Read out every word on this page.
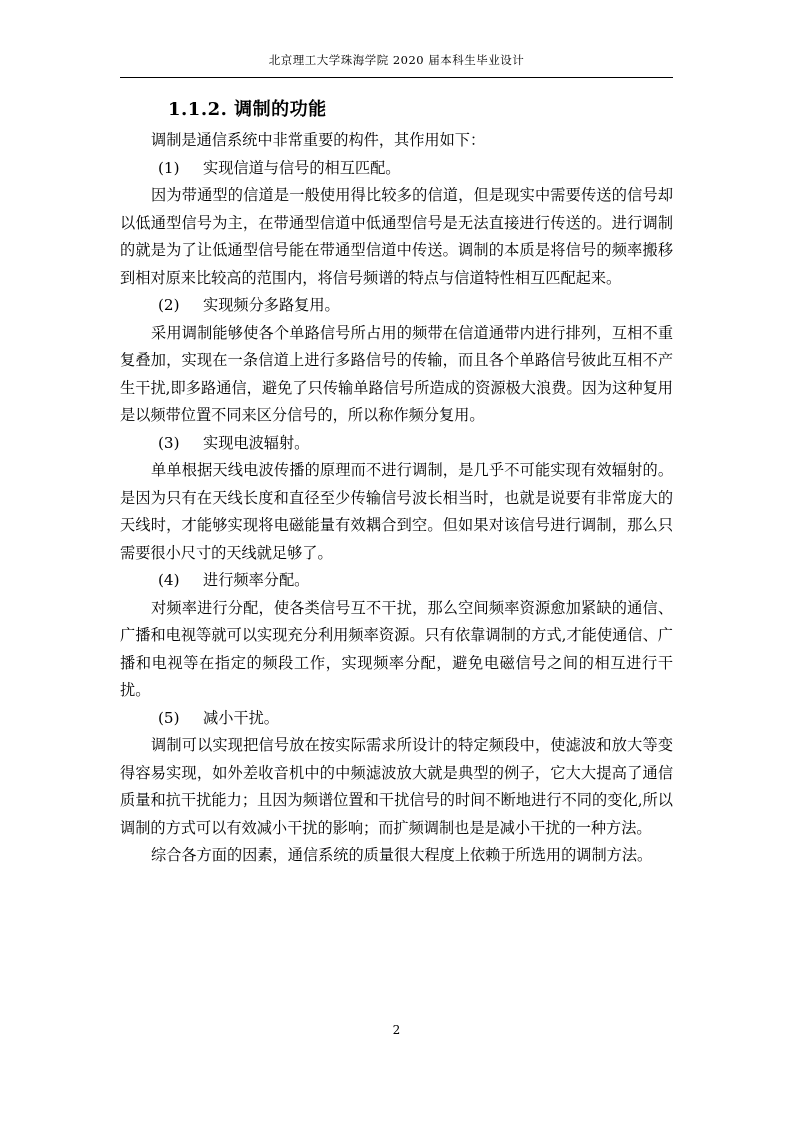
北京理工大学珠海学院 2020 届本科生毕业设计
1.1.2. 调制的功能

调制是通信系统中非常重要的构件，其作用如下：

(1) 实现信道与信号的相互匹配。

因为带通型的信道是一般使用得比较多的信道，但是现实中需要传送的信号却以低通型信号为主，在带通型信道中低通型信号是无法直接进行传送的。进行调制的就是为了让低通型信号能在带通型信道中传送。调制的本质是将信号的频率搬移到相对原来比较高的范围内，将信号频谱的特点与信道特性相互匹配起来。

(2) 实现频分多路复用。

采用调制能够使各个单路信号所占用的频带在信道通带内进行排列，互相不重复叠加，实现在一条信道上进行多路信号的传输，而且各个单路信号彼此互相不产生干扰,即多路通信，避免了只传输单路信号所造成的资源极大浪费。因为这种复用是以频带位置不同来区分信号的，所以称作频分复用。

(3) 实现电波辐射。

单单根据天线电波传播的原理而不进行调制，是几乎不可能实现有效辐射的。是因为只有在天线长度和直径至少传输信号波长相当时，也就是说要有非常庞大的天线时，才能够实现将电磁能量有效耦合到空。但如果对该信号进行调制，那么只需要很小尺寸的天线就足够了。

(4) 进行频率分配。

对频率进行分配，使各类信号互不干扰，那么空间频率资源愈加紧缺的通信、广播和电视等就可以实现充分利用频率资源。只有依靠调制的方式,才能使通信、广播和电视等在指定的频段工作，实现频率分配，避免电磁信号之间的相互进行干扰。

(5) 减小干扰。

调制可以实现把信号放在按实际需求所设计的特定频段中，使滤波和放大等变得容易实现，如外差收音机中的中频滤波放大就是典型的例子，它大大提高了通信质量和抗干扰能力；且因为频谱位置和干扰信号的时间不断地进行不同的变化,所以调制的方式可以有效减小干扰的影响；而扩频调制也是是减小干扰的一种方法。

综合各方面的因素，通信系统的质量很大程度上依赖于所选用的调制方法。

2
